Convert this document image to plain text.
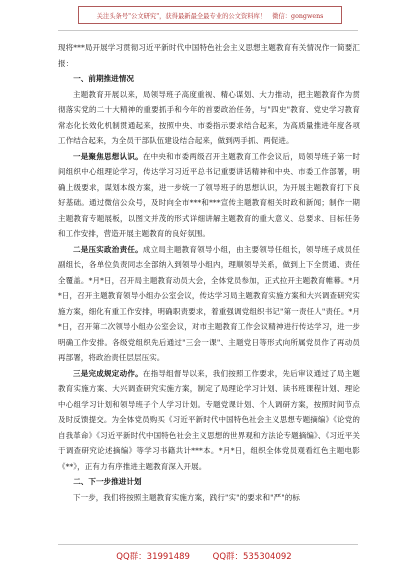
关注头条号"公文研究"，获得最新最全最专业的公文资料库！ 微信：gongwens

现将***局开展学习贯彻习近平新时代中国特色社会主义思想主题教育有关情况作一简要汇报：

一、前期推进情况

主题教育开展以来，局领导班子高度重视、精心谋划、大力推动，把主题教育作为贯彻落实党的二十大精神的重要抓手和今年的首要政治任务，与"四史"教育、党史学习教育常态化长效化机制贯通起来，按照中央、市委指示要求结合起来，为高质量推进年度各项工作结合起来，为全员干部队伍建设结合起来，做到两手抓、两促进。

一是聚焦思想认识。在中央和市委两级召开主题教育工作会议后，局领导班子第一时间组织中心组理论学习，传达学习习近平总书记重要讲话精神和中央、市委工作部署，明确上级要求，谋划本级方案，进一步统一了领导班子的思想认识，为开展主题教育打下良好基础。通过微信公众号，及时向全市***和***宣传主题教育相关时政和新闻；制作一期主题教育专题展板，以图文并茂的形式详细讲解主题教育的重大意义、总要求、目标任务和工作安排，营造开展主题教育的良好氛围。

二是压实政治责任。成立局主题教育领导小组，由主要领导任组长，领导班子成员任副组长，各单位负责同志全部纳入到领导小组内，理顺领导关系，做到上下全贯通、责任全覆盖。*月*日，召开局主题教育动员大会，全体党员参加，正式拉开主题教育帷幕。*月*日，召开主题教育领导小组办公室会议，传达学习局主题教育实施方案和大兴调查研究实施方案，细化有重工作安排，明确职责要求，着重强调党组织书记"第一责任人"责任。*月*日，召开第二次领导小组办公室会议，对市主题教育工作会议精神进行传达学习，进一步明确工作安排。各级党组织先后通过"三会一课"、主题党日等形式向所属党员作了再动员再部署，将政治责任层层压实。

三是完成规定动作。在指导组督导以来，我们按照工作要求，先后审议通过了局主题教育实施方案、大兴调查研究实施方案，制定了局理论学习计划、读书班课程计划、理论中心组学习计划和领导班子个人学习计划。专题党课计划、个人调研方案，按照时间节点及时反馈提交。为全体党员购买《习近平新时代中国特色社会主义思想专题摘编》《论党的自我革命》《习近平新时代中国特色社会主义思想的世界观和方法论专题摘编》、《习近平关于调查研究论述摘编》等学习书籍共计***本。*月*日，组织全体党员观看红色主题电影《**》，正有力有序推进主题教育深入开展。

二、下一步推进计划

下一步，我们将按照主题教育实施方案，践行"实"的要求和"严"的标

QQ群：31991489	QQ群：535304092
